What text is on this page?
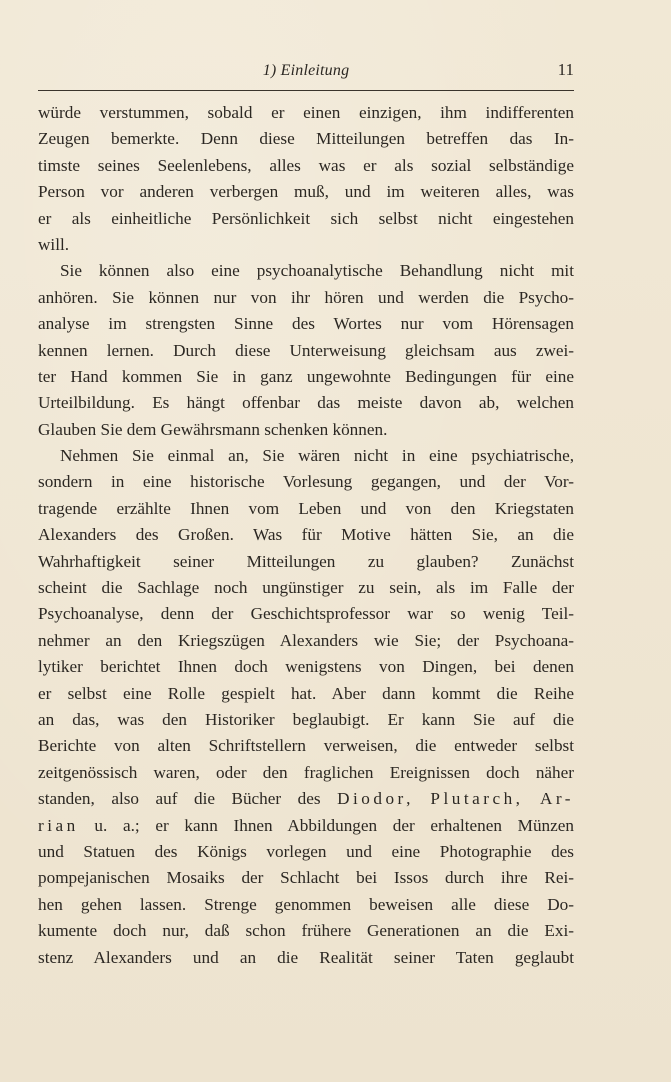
1) Einleitung	11
würde verstummen, sobald er einen einzigen, ihm indifferenten
Zeugen bemerkte. Denn diese Mitteilungen betreffen das In-
timste seines Seelenlebens, alles was er als sozial selbständige
Person vor anderen verbergen muß, und im weiteren alles, was
er als einheitliche Persönlichkeit sich selbst nicht eingestehen
will.
Sie können also eine psychoanalytische Behandlung nicht mit
anhören. Sie können nur von ihr hören und werden die Psycho-
analyse im strengsten Sinne des Wortes nur vom Hörensagen
kennen lernen. Durch diese Unterweisung gleichsam aus zwei-
ter Hand kommen Sie in ganz ungewohnte Bedingungen für eine
Urteilbildung. Es hängt offenbar das meiste davon ab, welchen
Glauben Sie dem Gewährsmann schenken können.
Nehmen Sie einmal an, Sie wären nicht in eine psychiatrische,
sondern in eine historische Vorlesung gegangen, und der Vor-
tragende erzählte Ihnen vom Leben und von den Kriegstaten
Alexanders des Großen. Was für Motive hätten Sie, an die
Wahrhaftigkeit seiner Mitteilungen zu glauben? Zunächst
scheint die Sachlage noch ungünstiger zu sein, als im Falle der
Psychoanalyse, denn der Geschichtsprofessor war so wenig Teil-
nehmer an den Kriegszügen Alexanders wie Sie; der Psychoana-
lytiker berichtet Ihnen doch wenigstens von Dingen, bei denen
er selbst eine Rolle gespielt hat. Aber dann kommt die Reihe
an das, was den Historiker beglaubigt. Er kann Sie auf die
Berichte von alten Schriftstellern verweisen, die entweder selbst
zeitgenössisch waren, oder den fraglichen Ereignissen doch näher
standen, also auf die Bücher des Diodor, Plutarch, Ar-
rian u. a.; er kann Ihnen Abbildungen der erhaltenen Münzen
und Statuen des Königs vorlegen und eine Photographie des
pompejanischen Mosaiks der Schlacht bei Issos durch ihre Rei-
hen gehen lassen. Strenge genommen beweisen alle diese Do-
kumente doch nur, daß schon frühere Generationen an die Exi-
stenz Alexanders und an die Realität seiner Taten geglaubt
